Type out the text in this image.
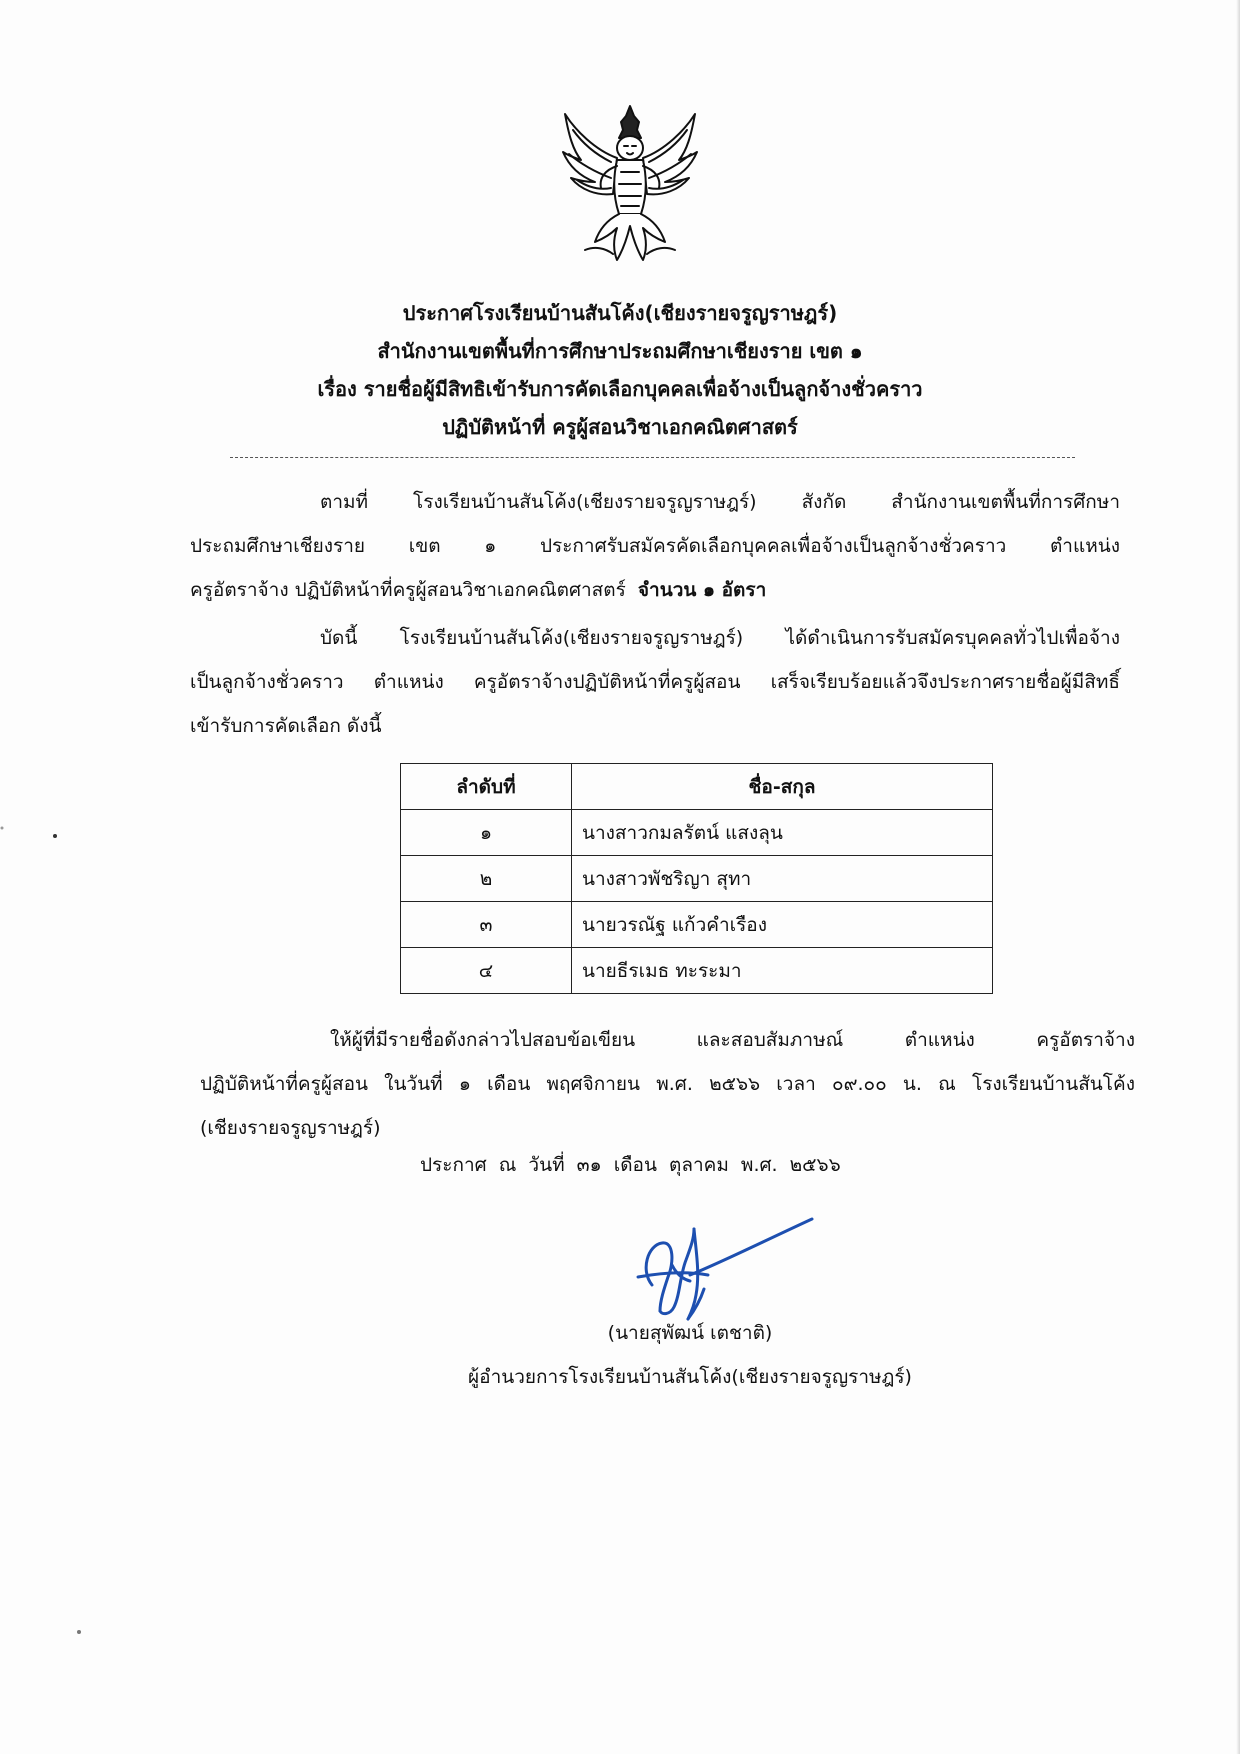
ประกาศโรงเรียนบ้านสันโค้ง(เชียงรายจรูญราษฎร์)
สำนักงานเขตพื้นที่การศึกษาประถมศึกษาเชียงราย เขต ๑
เรื่อง รายชื่อผู้มีสิทธิเข้ารับการคัดเลือกบุคคลเพื่อจ้างเป็นลูกจ้างชั่วคราว
ปฏิบัติหน้าที่ ครูผู้สอนวิชาเอกคณิตศาสตร์
ตามที่ โรงเรียนบ้านสันโค้ง(เชียงรายจรูญราษฎร์) สังกัด สำนักงานเขตพื้นที่การศึกษา
ประถมศึกษาเชียงราย เขต ๑ ประกาศรับสมัครคัดเลือกบุคคลเพื่อจ้างเป็นลูกจ้างชั่วคราว ตำแหน่ง
ครูอัตราจ้าง ปฏิบัติหน้าที่ครูผู้สอนวิชาเอกคณิตศาสตร์ จำนวน ๑ อัตรา
บัดนี้ โรงเรียนบ้านสันโค้ง(เชียงรายจรูญราษฎร์) ได้ดำเนินการรับสมัครบุคคลทั่วไปเพื่อจ้าง
เป็นลูกจ้างชั่วคราว ตำแหน่ง ครูอัตราจ้างปฏิบัติหน้าที่ครูผู้สอน เสร็จเรียบร้อยแล้วจึงประกาศรายชื่อผู้มีสิทธิ์
เข้ารับการคัดเลือก ดังนี้
ลำดับที่	ชื่อ-สกุล
๑	นางสาวกมลรัตน์ แสงลุน
๒	นางสาวพัชริญา สุทา
๓	นายวรณัฐ แก้วคำเรือง
๔	นายธีรเมธ ทะระมา
ให้ผู้ที่มีรายชื่อดังกล่าวไปสอบข้อเขียน และสอบสัมภาษณ์ ตำแหน่ง ครูอัตราจ้าง
ปฏิบัติหน้าที่ครูผู้สอน ในวันที่ ๑ เดือน พฤศจิกายน พ.ศ. ๒๕๖๖ เวลา ๐๙.๐๐ น. ณ โรงเรียนบ้านสันโค้ง
(เชียงรายจรูญราษฎร์)
ประกาศ ณ วันที่ ๓๑ เดือน ตุลาคม พ.ศ. ๒๕๖๖
(นายสุพัฒน์ เตชาติ)
ผู้อำนวยการโรงเรียนบ้านสันโค้ง(เชียงรายจรูญราษฎร์)
